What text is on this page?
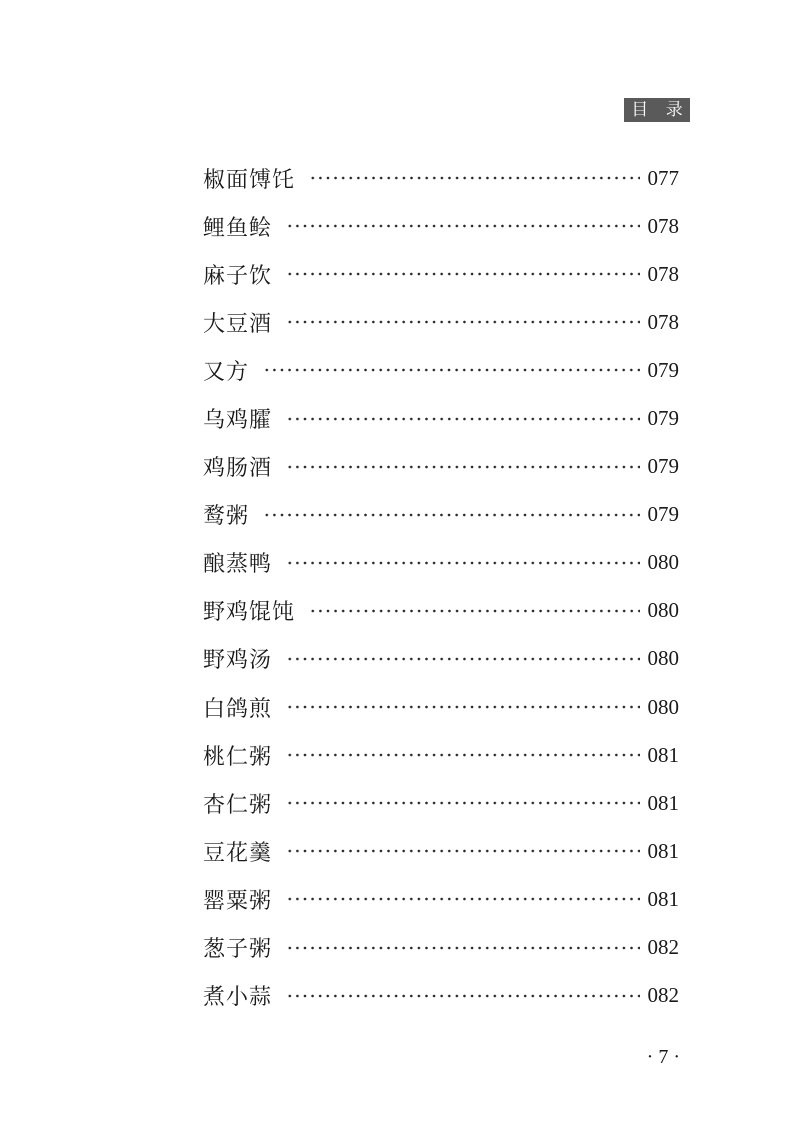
目 录
椒面馎饦	077
鲤鱼鲙	078
麻子饮	078
大豆酒	078
又方	079
乌鸡臛	079
鸡肠酒	079
鹜粥	079
酿蒸鸭	080
野鸡馄饨	080
野鸡汤	080
白鸽煎	080
桃仁粥	081
杏仁粥	081
豆花羹	081
罂粟粥	081
葱子粥	082
煮小蒜	082
· 7 ·
